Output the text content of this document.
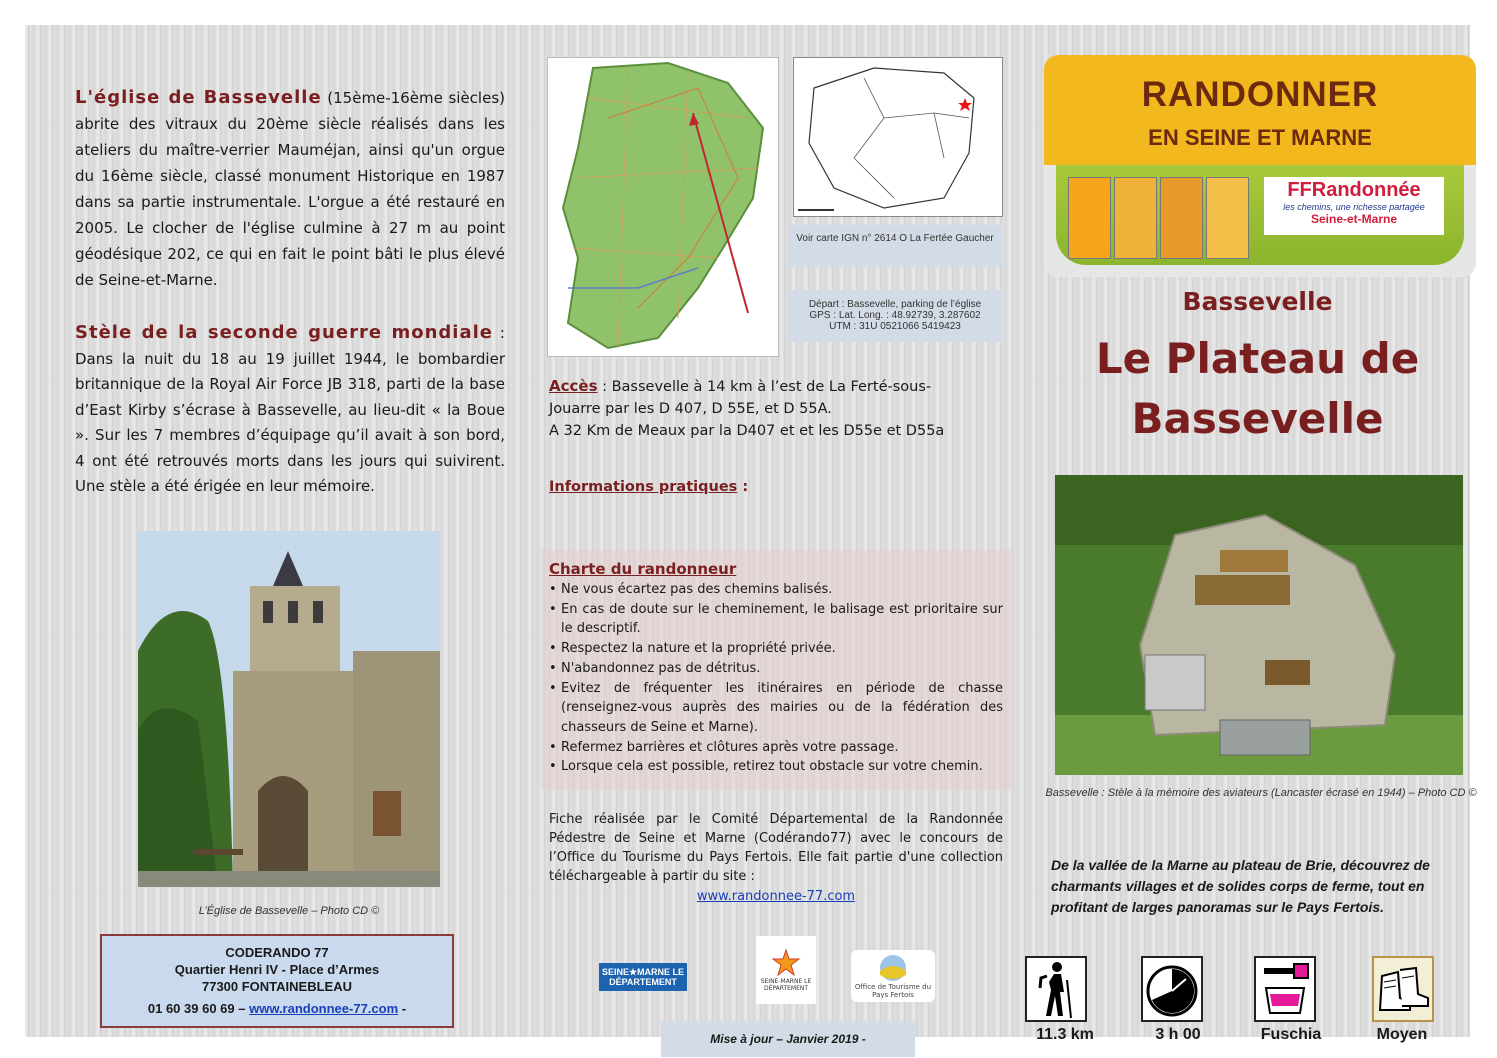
L'église de Bassevelle (15ème-16ème siècles) abrite des vitraux du 20ème siècle réalisés dans les ateliers du maître-verrier Mauméjan, ainsi qu'un orgue du 16ème siècle, classé monument Historique en 1987 dans sa partie instrumentale. L'orgue a été restauré en 2005. Le clocher de l'église culmine à 27 m au point géodésique 202, ce qui en fait le point bâti le plus élevé de Seine-et-Marne.
Stèle de la seconde guerre mondiale : Dans la nuit du 18 au 19 juillet 1944, le bombardier britannique de la Royal Air Force JB 318, parti de la base d’East Kirby s’écrase à Bassevelle, au lieu-dit « la Boue ». Sur les 7 membres d’équipage qu’il avait à son bord, 4 ont été retrouvés morts dans les jours qui suivirent. Une stèle a été érigée en leur mémoire.
L’Église de Bassevelle – Photo CD ©
CODERANDO 77
Quartier Henri IV - Place d’Armes
77300 FONTAINEBLEAU
01 60 39 60 69 – www.randonnee-77.com -
Voir carte IGN n° 2614 O La Fertée Gaucher
Départ : Bassevelle, parking de l’église
GPS : Lat. Long. : 48.92739, 3.287602
UTM : 31U 0521066 5419423
Accès : Bassevelle à 14 km à l’est de La Ferté-sous-Jouarre par les D 407, D 55E, et D 55A.
A 32 Km de Meaux par la D407 et et les D55e et D55a
Informations pratiques :
Charte du randonneur
• Ne vous écartez pas des chemins balisés.
• En cas de doute sur le cheminement, le balisage est prioritaire sur le descriptif.
• Respectez la nature et la propriété privée.
• N'abandonnez pas de détritus.
• Evitez de fréquenter les itinéraires en période de chasse (renseignez-vous auprès des mairies ou de la fédération des chasseurs de Seine et Marne).
• Refermez barrières et clôtures après votre passage.
• Lorsque cela est possible, retirez tout obstacle sur votre chemin.
Fiche réalisée par le Comité Départemental de la Randonnée Pédestre de Seine et Marne (Codérando77) avec le concours de l’Office du Tourisme du Pays Fertois. Elle fait partie d'une collection téléchargeable à partir du site :
www.randonnee-77.com
SEINE★MARNE LE DÉPARTEMENT	SEINE-MARNE LE DÉPARTEMENT	Office de Tourisme du Pays Fertois
Mise à jour – Janvier 2019 -
RANDONNER
EN SEINE ET MARNE
FFRandonnée
les chemins, une richesse partagée
Seine-et-Marne
Bassevelle
Le Plateau de
Bassevelle
Bassevelle : Stèle à la mémoire des aviateurs (Lancaster écrasé en 1944) – Photo CD ©
De la vallée de la Marne au plateau de Brie, découvrez de charmants villages et de solides corps de ferme, tout en profitant de larges panoramas sur le Pays Fertois.
11.3 km	3 h 00	Fuschia	Moyen
